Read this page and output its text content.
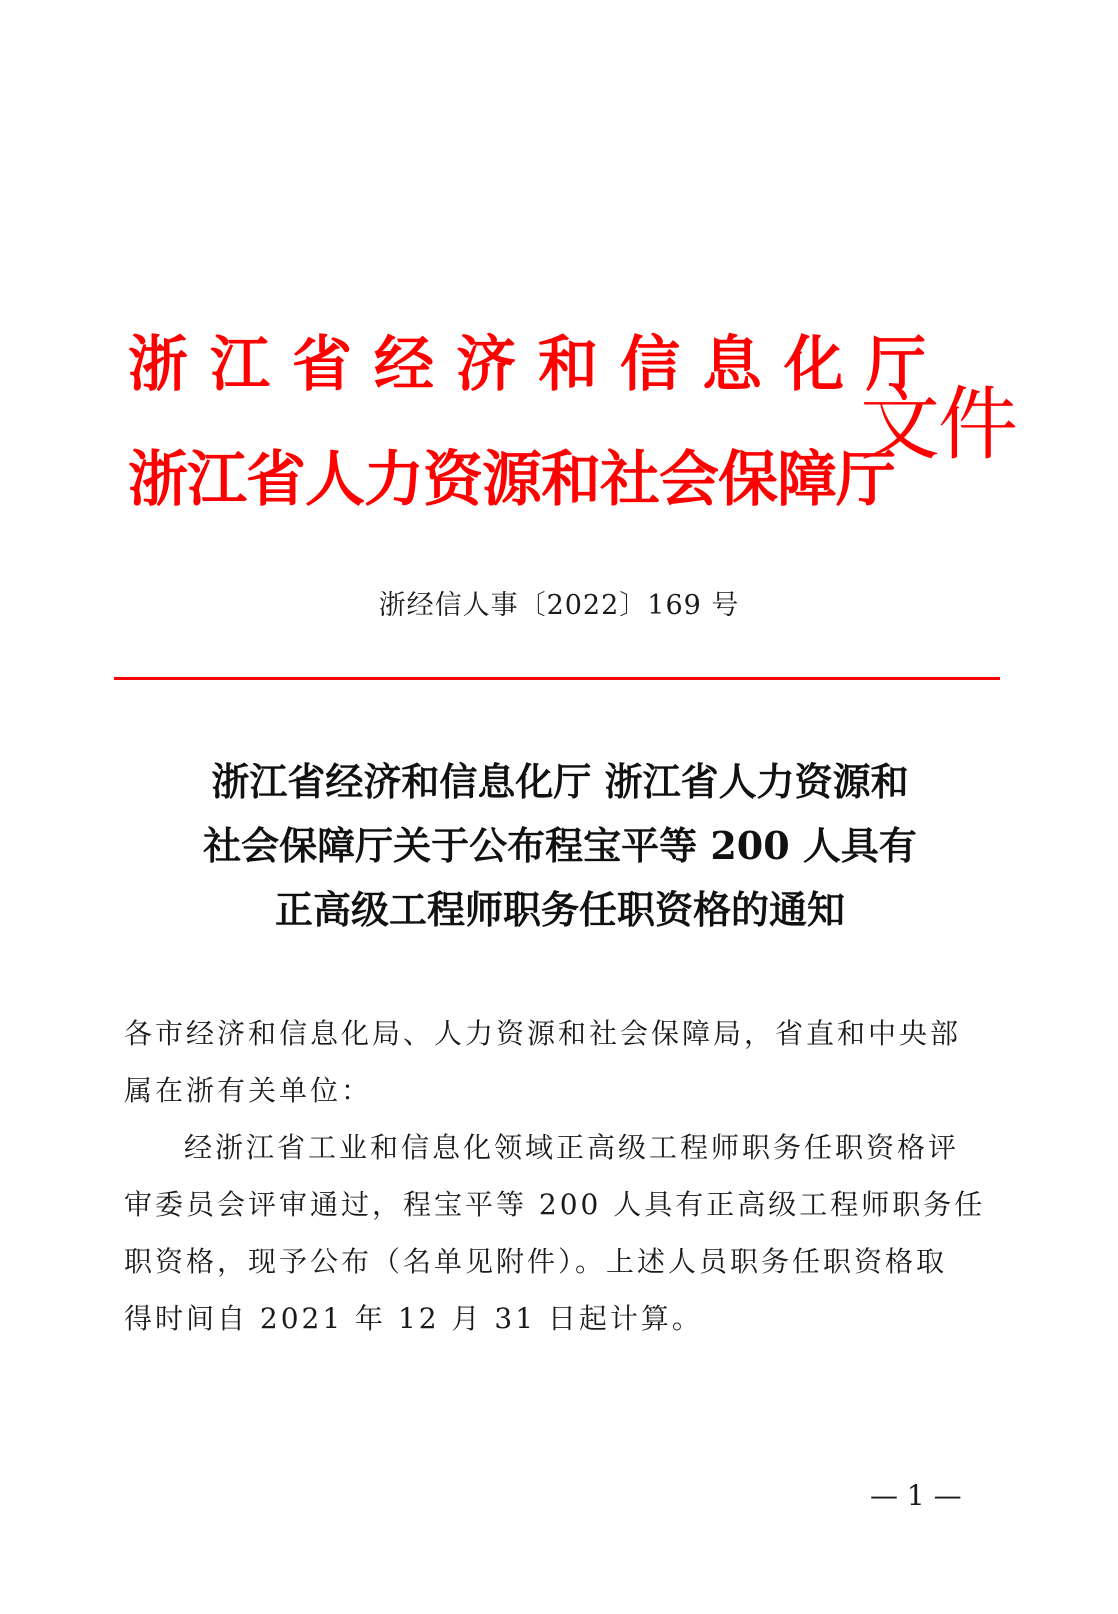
浙江省经济和信息化厅
浙江省人力资源和社会保障厅
文件
浙经信人事〔2022〕169 号
浙江省经济和信息化厅 浙江省人力资源和
社会保障厅关于公布程宝平等 200 人具有
正高级工程师职务任职资格的通知

各市经济和信息化局、人力资源和社会保障局，省直和中央部

属在浙有关单位：

经浙江省工业和信息化领域正高级工程师职务任职资格评

审委员会评审通过，程宝平等 200 人具有正高级工程师职务任

职资格，现予公布（名单见附件）。上述人员职务任职资格取

得时间自 2021 年 12 月 31 日起计算。

— 1 —
